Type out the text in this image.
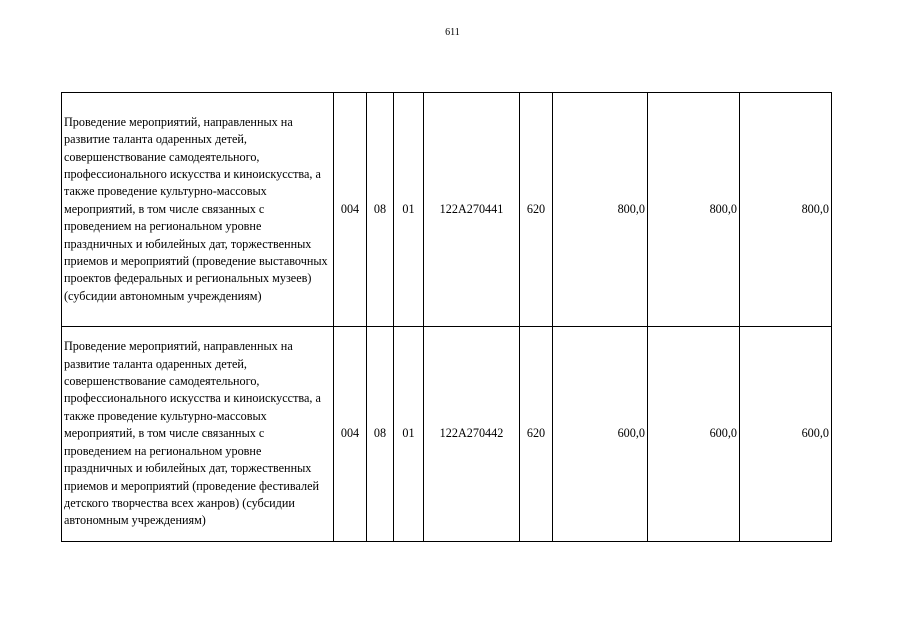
611
Проведение мероприятий, направленных на развитие таланта одаренных детей, совершенствование самодеятельного, профессионального искусства и киноискусства, а также проведение культурно-массовых мероприятий, в том числе связанных с проведением на региональном уровне праздничных и юбилейных дат, торжественных приемов и мероприятий (проведение выставочных проектов федеральных и региональных музеев) (субсидии автономным учреждениям)	004	08	01	122A270441	620	800,0	800,0	800,0
Проведение мероприятий, направленных на развитие таланта одаренных детей, совершенствование самодеятельного, профессионального искусства и киноискусства, а также проведение культурно-массовых мероприятий, в том числе связанных с проведением на региональном уровне праздничных и юбилейных дат, торжественных приемов и мероприятий (проведение фестивалей детского творчества всех жанров) (субсидии автономным учреждениям)	004	08	01	122A270442	620	600,0	600,0	600,0
